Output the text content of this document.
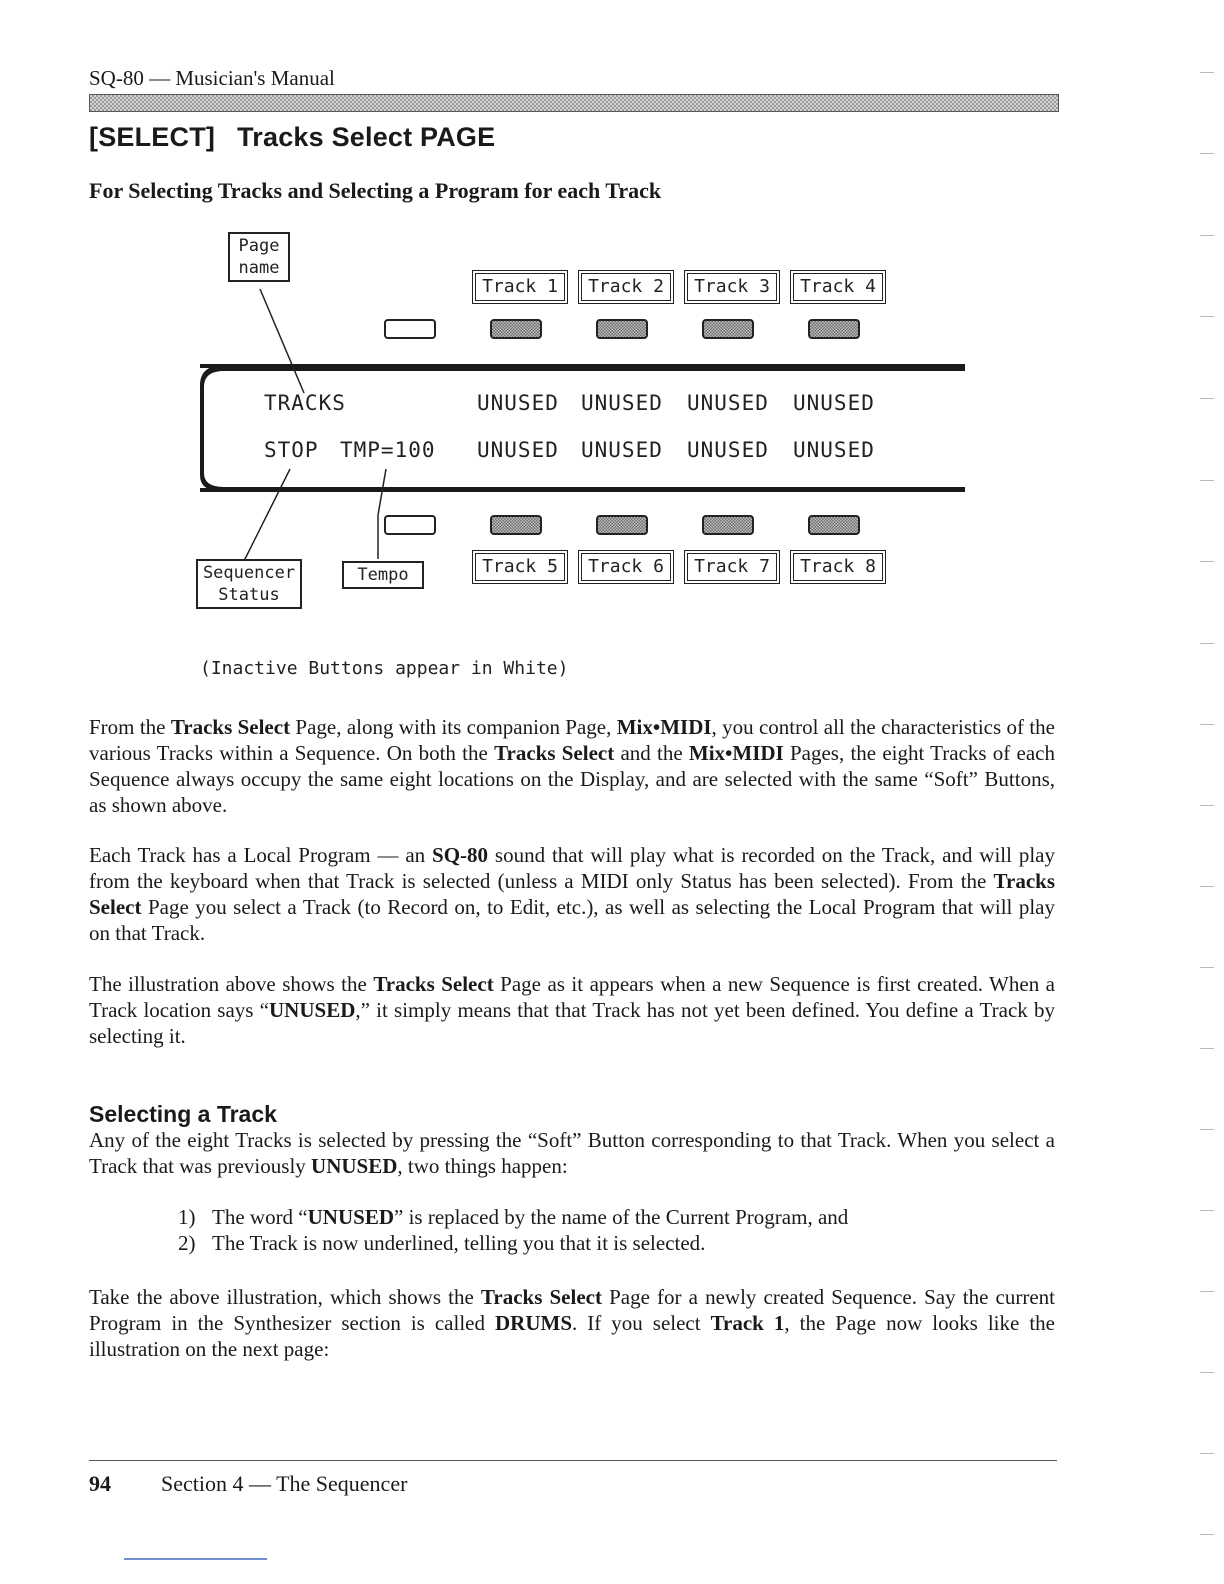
SQ-80 — Musician's Manual
[SELECT] Tracks Select PAGE
For Selecting Tracks and Selecting a Program for each Track
Page
name
Track 1	Track 2	Track 3	Track 4
TRACKS	UNUSED UNUSED UNUSED UNUSED
STOP TMP=100 UNUSED UNUSED UNUSED UNUSED
Sequencer
Status
Tempo	Track 5	Track 6	Track 7	Track 8
(Inactive Buttons appear in White)

From the Tracks Select Page, along with its companion Page, Mix•MIDI, you control all the characteristics of the various Tracks within a Sequence. On both the Tracks Select and the Mix•MIDI Pages, the eight Tracks of each Sequence always occupy the same eight locations on the Display, and are selected with the same “Soft” Buttons, as shown above.

Each Track has a Local Program — an SQ-80 sound that will play what is recorded on the Track, and will play from the keyboard when that Track is selected (unless a MIDI only Status has been selected). From the Tracks Select Page you select a Track (to Record on, to Edit, etc.), as well as selecting the Local Program that will play on that Track.

The illustration above shows the Tracks Select Page as it appears when a new Sequence is first created. When a Track location says “UNUSED,” it simply means that that Track has not yet been defined. You define a Track by selecting it.

Selecting a Track

Any of the eight Tracks is selected by pressing the “Soft” Button corresponding to that Track. When you select a Track that was previously UNUSED, two things happen:

1) The word “UNUSED” is replaced by the name of the Current Program, and
2) The Track is now underlined, telling you that it is selected.

Take the above illustration, which shows the Tracks Select Page for a newly created Sequence. Say the current Program in the Synthesizer section is called DRUMS. If you select Track 1, the Page now looks like the illustration on the next page:

94 Section 4 — The Sequencer
